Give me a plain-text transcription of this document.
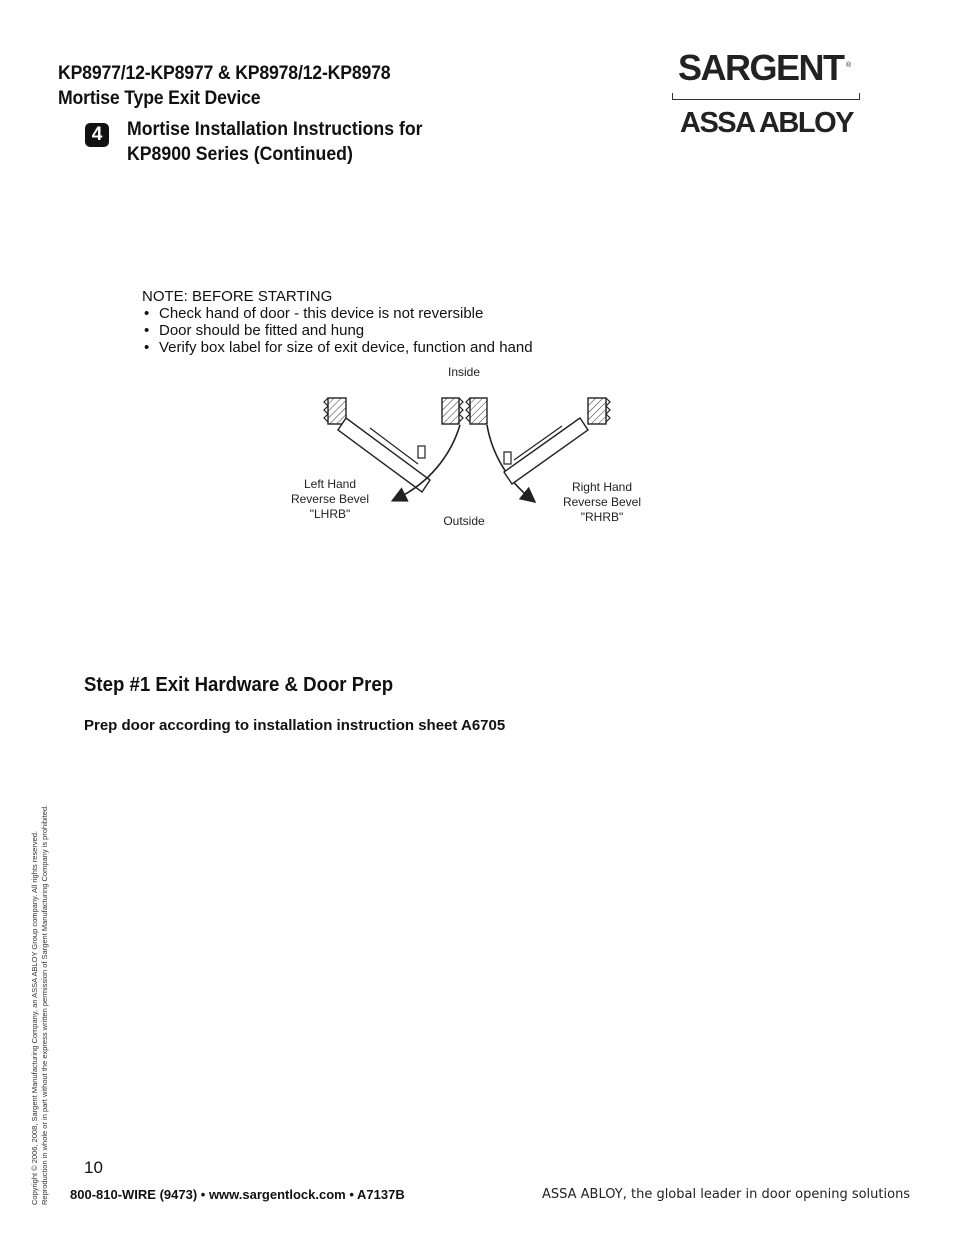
KP8977/12-KP8977 & KP8978/12-KP8978
Mortise Type Exit Device
4	Mortise Installation Instructions for
KP8900 Series (Continued)
SARGENT ®
ASSA ABLOY
NOTE: BEFORE STARTING
• Check hand of door - this device is not reversible
• Door should be fitted and hung
• Verify box label for size of exit device, function and hand
Inside
Left Hand
Reverse Bevel
"LHRB"	Outside
Right Hand
Reverse Bevel
"RHRB"
Step #1 Exit Hardware & Door Prep
Prep door according to installation instruction sheet A6705
Copyright © 2006, 2008, Sargent Manufacturing Company, an ASSA ABLOY Group company. All rights reserved. Reproduction in whole or in part without the express written permission of Sargent Manufacturing Company is prohibited. 10
800-810-WIRE (9473) • www.sargentlock.com • A7137B	ASSA ABLOY, the global leader in door opening solutions
